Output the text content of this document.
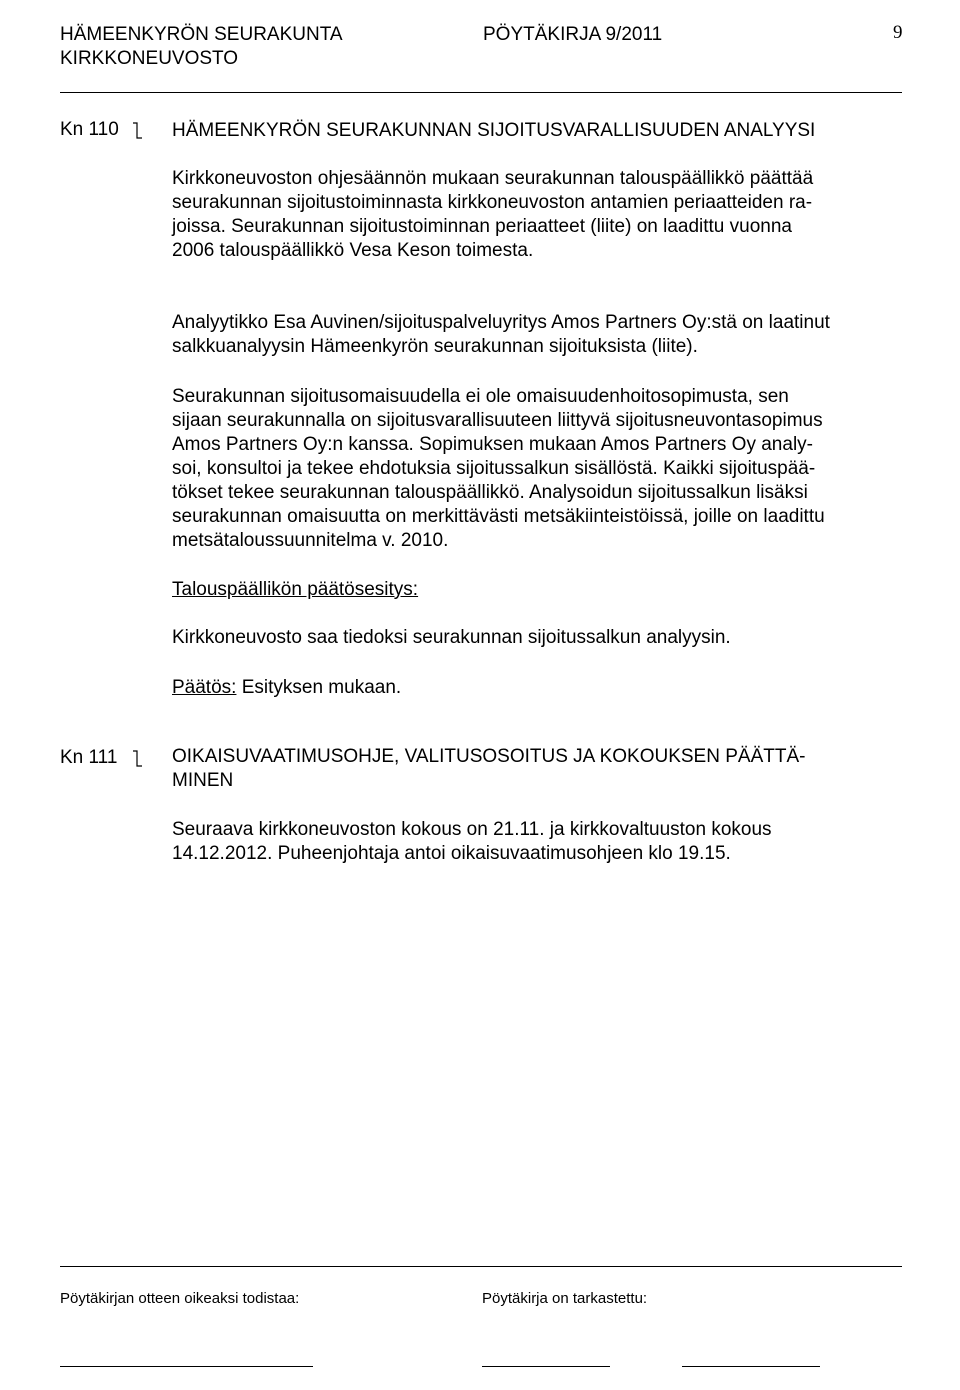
HÄMEENKYRÖN SEURAKUNTA
KIRKKONEUVOSTO
PÖYTÄKIRJA 9/2011	9
Kn 110	HÄMEENKYRÖN SEURAKUNNAN SIJOITUSVARALLISUUDEN ANALYYSI

Kirkkoneuvoston ohjesäännön mukaan seurakunnan talouspäällikkö päättää
seurakunnan sijoitustoiminnasta kirkkoneuvoston antamien periaatteiden ra-
joissa. Seurakunnan sijoitustoiminnan periaatteet (liite) on laadittu vuonna
2006 talouspäällikkö Vesa Keson toimesta.

Analyytikko Esa Auvinen/sijoituspalveluyritys Amos Partners Oy:stä on laatinut
salkkuanalyysin Hämeenkyrön seurakunnan sijoituksista (liite).

Seurakunnan sijoitusomaisuudella ei ole omaisuudenhoitosopimusta, sen
sijaan seurakunnalla on sijoitusvarallisuuteen liittyvä sijoitusneuvontasopimus
Amos Partners Oy:n kanssa. Sopimuksen mukaan Amos Partners Oy analy-
soi, konsultoi ja tekee ehdotuksia sijoitussalkun sisällöstä. Kaikki sijoituspää-
tökset tekee seurakunnan talouspäällikkö. Analysoidun sijoitussalkun lisäksi
seurakunnan omaisuutta on merkittävästi metsäkiinteistöissä, joille on laadittu
metsätaloussuunnitelma v. 2010.

Talouspäällikön päätösesitys:
Kirkkoneuvosto saa tiedoksi seurakunnan sijoitussalkun analyysin.
Päätös: Esityksen mukaan.
Kn 111	OIKAISUVAATIMUSOHJE, VALITUSOSOITUS JA KOKOUKSEN PÄÄTTÄ-
MINEN

Seuraava kirkkoneuvoston kokous on 21.11. ja kirkkovaltuuston kokous
14.12.2012. Puheenjohtaja antoi oikaisuvaatimusohjeen klo 19.15.

Pöytäkirjan otteen oikeaksi todistaa:	Pöytäkirja on tarkastettu:
